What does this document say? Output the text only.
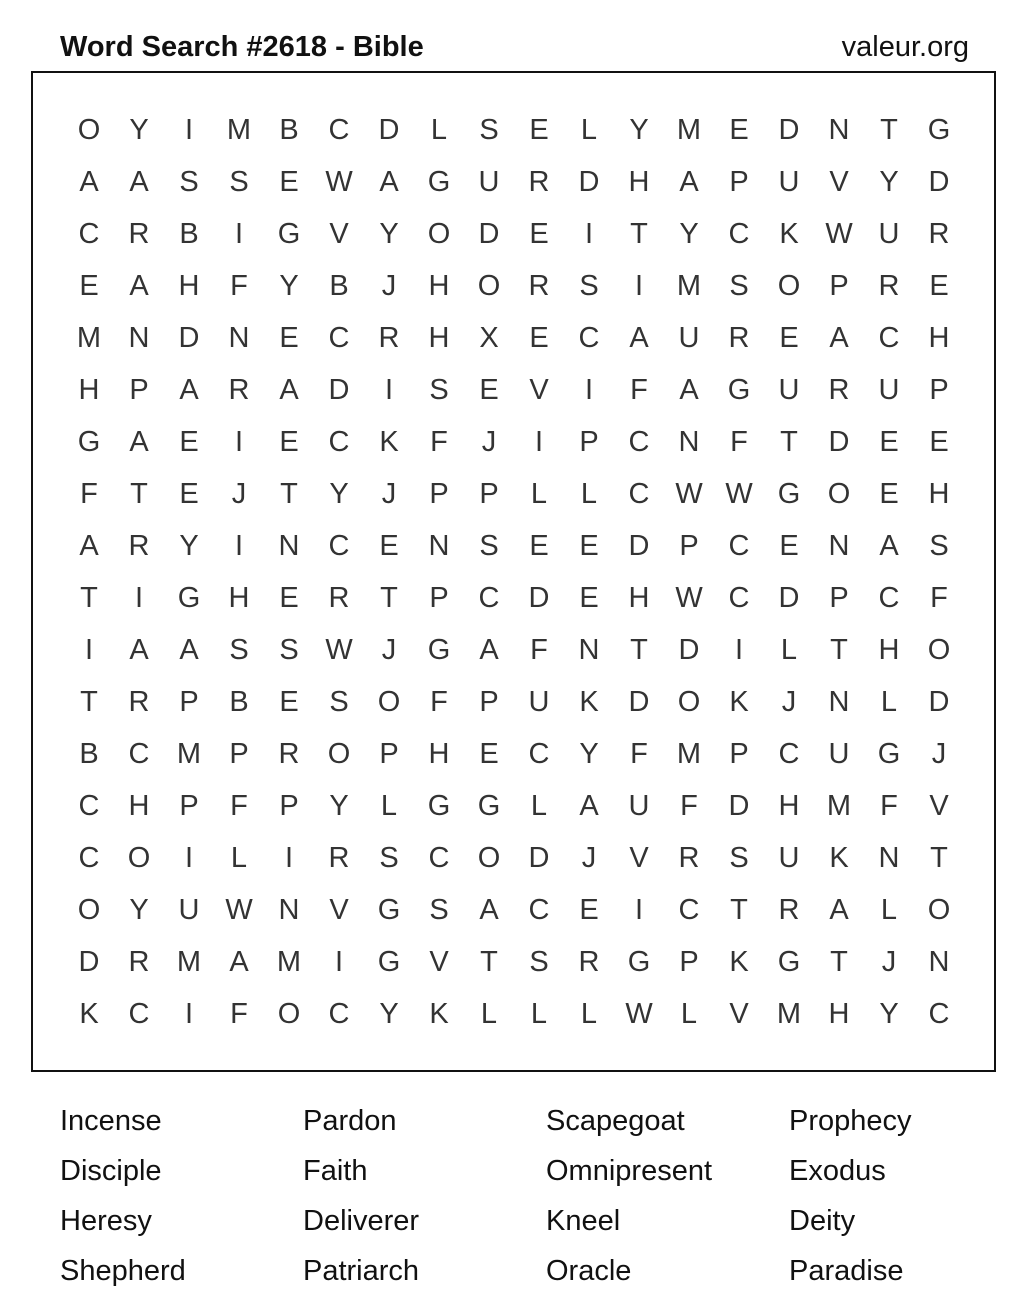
Word Search #2618 - Bible	valeur.org
O	Y	I	M B	C	D	L	S	E	L	Y M E	D	N	T	G
A	A	S	S	E W A	G U	R	D	H	A	P	U	V	Y	D
C	R	B	I	G	V	Y	O D	E	I	T	Y	C	K W U	R
E	A	H	F	Y	B	J	H O R	S	I	M S	O	P	R	E
M N	D	N	E	C	R	H	X	E	C	A	U	R	E	A	C	H
H	P	A	R	A	D	I	S	E	V	I	F	A	G U	R	U	P
G	A	E	I	E	C	K	F	J	I	P	C	N	F	T	D	E	E
F	T	E	J	T	Y	J	P	P	L	L	C W W G O	E	H
A	R	Y	I	N	C	E	N	S	E	E	D	P	C	E	N	A	S
T	I	G H	E	R	T	P	C	D	E	H W C	D	P	C	F
I	A	A	S	S W	J	G	A	F	N	T	D	I	L	T	H O
T	R	P	B	E	S	O	F	P	U	K	D O	K	J	N	L	D
B	C M P	R O	P	H	E	C	Y	F	M P	C	U G	J
C	H	P	F	P	Y	L	G G	L	A	U	F	D	H M	F	V
C O	I	L	I	R	S	C O D	J	V	R	S	U	K	N	T
O	Y	U W N	V	G	S	A	C	E	I	C	T	R	A	L	O
D	R M A M	I	G	V	T	S	R G	P	K	G	T	J	N
K	C	I	F	O C	Y	K	L	L	L W L	V M H	Y	C
Incense	Pardon	Scapegoat	Prophecy
Disciple	Faith	Omnipresent	Exodus
Heresy	Deliverer	Kneel	Deity
Shepherd	Patriarch	Oracle	Paradise
